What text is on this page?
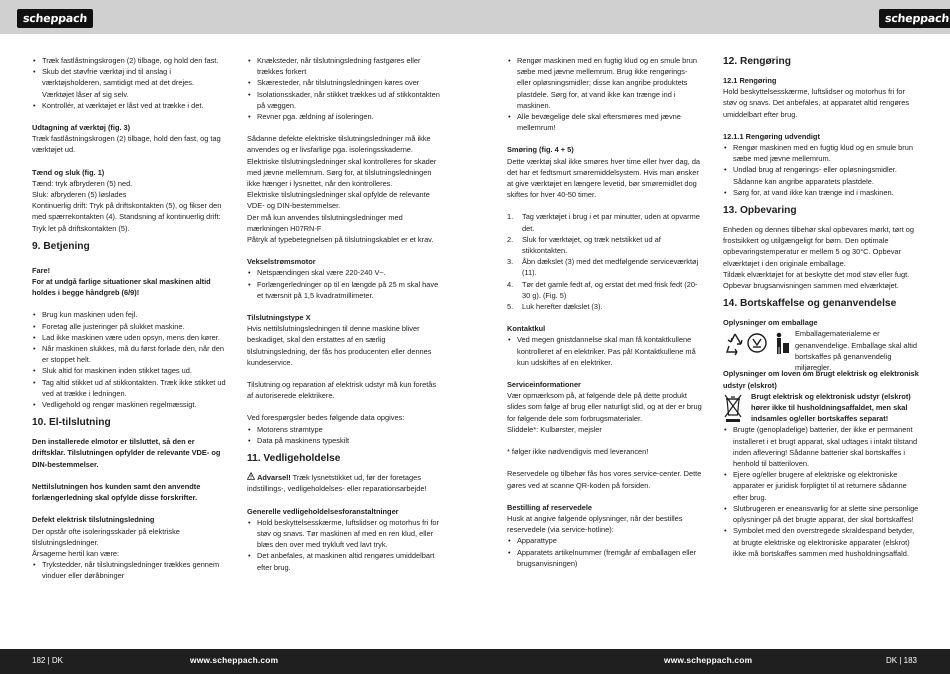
scheppach	scheppach
• Træk fastlåstningskrogen (2) tilbage, og hold den fast.
• Skub det støvfrie værktøj ind til anslag i værktøjsholderen, samtidigt med at det drejes. Værktøjet låser af sig selv.
• Kontrollér, at værktøjet er låst ved at trække i det.

Udtagning af værktøj (fig. 3)

Træk fastlåstningskrogen (2) tilbage, hold den fast, og tag værktøjet ud.

Tænd og sluk (fig. 1)

Tænd: tryk afbryderen (5) ned.

Sluk: afbryderen (5) løslades

Kontinuerlig drift: Tryk på driftskontakten (5), og fikser den med spærrekontakten (4). Standsning af kontinuerlig drift: Tryk let på driftskontakten (5).

9. Betjening

Fare!

For at undgå farlige situationer skal maskinen altid holdes i begge håndgreb (6/9)!

• Brug kun maskinen uden fejl.
• Foretag alle justeringer på slukket maskine.
• Lad ikke maskinen være uden opsyn, mens den kører.
• Når maskinen slukkes, må du først forlade den, når den er stoppet helt.
• Sluk altid for maskinen inden stikket tages ud.
• Tag altid stikket ud af stikkontakten. Træk ikke stikket ud ved at trække i ledningen.
• Vedligehold og rengør maskinen regelmæssigt.

10. El-tilslutning

Den installerede elmotor er tilsluttet, så den er driftsklar. Tilslutningen opfylder de relevante VDE- og DIN-bestemmelser.

Nettilslutningen hos kunden samt den anvendte forlængerledning skal opfylde disse forskrifter.

Defekt elektrisk tilslutningsledning

Der opstår ofte isoleringsskader på elektriske tilslutningsledninger.

Årsagerne hertil kan være:

• Trykstedder, når tilslutningsledninger trækkes gennem vinduer eller døråbninger
• Knæksteder, når tilslutningsledning fastgøres eller trækkes forkert
• Skæresteder, når tilslutningsledningen køres over
• Isolationsskader, når stikket trækkes ud af stikkontakten på væggen.
• Revner pga. ældning af isoleringen.

Sådanne defekte elektriske tilslutningsledninger må ikke anvendes og er livsfarlige pga. isoleringsskaderne.

Elektriske tilslutningsledninger skal kontrolleres for skader med jævne mellemrum. Sørg for, at tilslutningsledningen ikke hænger i lysnettet, når den kontrolleres.

Elektriske tilslutningsledninger skal opfylde de relevante VDE- og DIN-bestemmelser.

Der må kun anvendes tilslutningsledninger med mærkningen H07RN-F

Påtryk af typebetegnelsen på tilslutningskablet er et krav.

Vekselstrømsmotor

• Netspændingen skal være 220-240 V~.
• Forlængerledninger op til en længde på 25 m skal have et tværsnit på 1,5 kvadratmillimeter.

Tilslutningstype X

Hvis nettilslutningsledningen til denne maskine bliver beskadiget, skal den erstattes af en særlig tilslutningsledning, der fås hos producenten eller dennes kundeservice.

Tilslutning og reparation af elektrisk udstyr må kun foretås af autoriserede elektrikere.

Ved forespørgsler bedes følgende data opgives:

• Motorens strømtype
• Data på maskinens typeskilt

11. Vedligeholdelse

Advarsel! Træk lysnetstikket ud, før der foretages indstillings-, vedligeholdelses- eller reparationsarbejde!

Generelle vedligeholdelsesforanstaltninger

• Hold beskyttelsesskærme, luftslidser og motorhus fri for støv og snavs. Tør maskinen af med en ren klud, eller blæs den over med trykluft ved lavt tryk.
• Det anbefales, at maskinen altid rengøres umiddelbart efter brug.
• Rengør maskinen med en fugtig klud og en smule brun sæbe med jævne mellemrum. Brug ikke rengørings- eller opløsningsmidler; disse kan angribe produktets plastdele. Sørg for, at vand ikke kan trænge ind i maskinen.
• Alle bevægelige dele skal eftersmøres med jævne mellemrum!

Smøring (fig. 4 + 5)

Dette værktøj skal ikke smøres hver time eller hver dag, da det har et fedtsmurt smøremiddelsystem. Hvis man ønsker at give værktøjet en længere levetid, bør smøremidlet dog skiftes for hver 40-50 timer.

1. Tag værktøjet i brug i et par minutter, uden at opvarme det.
2. Sluk for værktøjet, og træk netstikket ud af stikkontakten.
3. Åbn dækslet (3) med det medfølgende serviceværktøj (11).
4. Tør det gamle fedt af, og erstat det med frisk fedt (20-30 g). (Fig. 5)
5. Luk herefter dækslet (3).

Kontaktkul

• Ved megen gnistdannelse skal man få kontaktkullene kontrolleret af en elektriker. Pas på! Kontaktkullene må kun udskiftes af en elektriker.

Serviceinformationer

Vær opmærksom på, at følgende dele på dette produkt slides som følge af brug eller naturligt slid, og at der er brug for følgende dele som forbrugsmaterialer.

Sliddele*: Kulbørster, mejsler

* følger ikke nødvendigvis med leverancen!

Reservedele og tilbehør fås hos vores service-center. Dette gøres ved at scanne QR-koden på forsiden.

Bestilling af reservedele

Husk at angive følgende oplysninger, når der bestilles reservedele (via service-hotline):

• Apparattype
• Apparatets artikelnummer (fremgår af emballagen eller brugsanvisningen)

12. Rengøring

12.1 Rengøring

Hold beskyttelsesskærme, luftslidser og motorhus fri for støv og snavs. Det anbefales, at apparatet altid rengøres umiddelbart efter brug.

12.1.1 Rengøring udvendigt

• Rengør maskinen med en fugtig klud og en smule brun sæbe med jævne mellemrum.
• Undlad brug af rengørings- eller opløsningsmidler. Sådanne kan angribe apparatets plastdele.
• Sørg for, at vand ikke kan trænge ind i maskinen.

13. Opbevaring

Enheden og dennes tilbehør skal opbevares mørkt, tørt og frostsikkert og utilgængeligt for børn. Den optimale opbevaringstemperatur er mellem 5 og 30°C. Opbevar elværktøjet i den originale emballage.

Tildæk elværktøjet for at beskytte det mod støv eller fugt. Opbevar brugsanvisningen sammen med elværktøjet.

14. Bortskaffelse og genanvendelse

Oplysninger om emballage

Emballagematerialerne er genanvendelige. Emballage skal altid bortskaffes på genanvendelig miljøregler.

Oplysninger om loven om brugt elektrisk og elektronisk udstyr (elskrot)

Brugt elektrisk og elektronisk udstyr (elskrot) hører ikke til husholdningsaffaldet, men skal indsamles og/eller bortskaffes separat!

• Brugte (genopladelige) batterier, der ikke er permanent installeret i et brugt apparat, skal udtages i intakt tilstand inden aflevering! Sådanne batterier skal bortskaffes i henhold til batteriloven.
• Ejere og/eller brugere af elektriske og elektroniske apparater er juridisk forpligtet til at returnere sådanne efter brug.
• Slutbrugeren er eneansvarlig for at slette sine personlige oplysninger på det brugte apparat, der skal bortskaffes!
• Symbolet med den overstregede skraldespand betyder, at brugte elektriske og elektroniske apparater (elskrot) ikke må bortskaffes sammen med husholdningsaffald.
182 | DK	www.scheppach.com	www.scheppach.com	DK | 183
